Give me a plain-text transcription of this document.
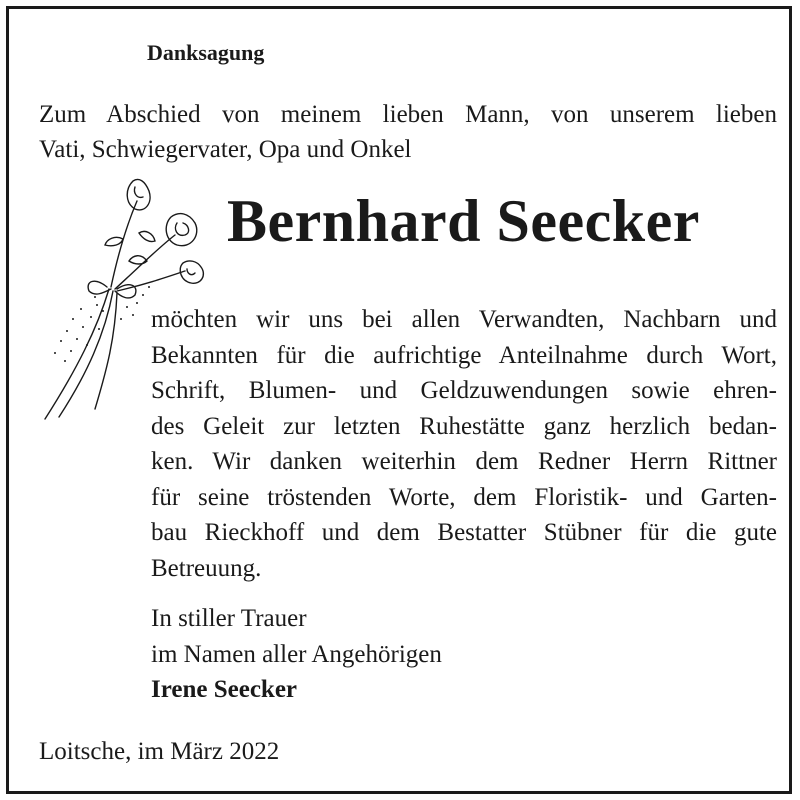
Danksagung
Zum Abschied von meinem lieben Mann, von unserem lieben
Vati, Schwiegervater, Opa und Onkel
Bernhard Seecker
möchten wir uns bei allen Verwandten, Nachbarn und
Bekannten für die aufrichtige Anteilnahme durch Wort,
Schrift, Blumen- und Geldzuwendungen sowie ehren-
des Geleit zur letzten Ruhestätte ganz herzlich bedan-
ken. Wir danken weiterhin dem Redner Herrn Rittner
für seine tröstenden Worte, dem Floristik- und Garten-
bau Rieckhoff und dem Bestatter Stübner für die gute
Betreuung.
In stiller Trauer
im Namen aller Angehörigen
Irene Seecker
Loitsche, im März 2022
